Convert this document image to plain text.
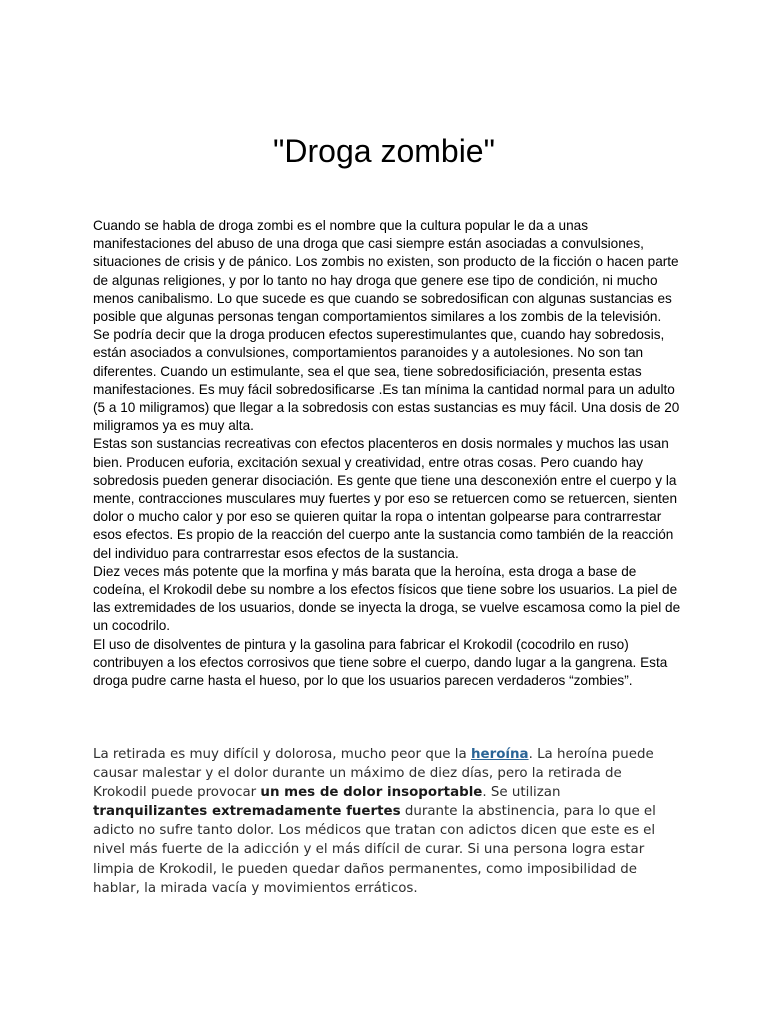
"Droga zombie"

Cuando se habla de droga zombi es el nombre que la cultura popular le da a unas manifestaciones del abuso de una droga que casi siempre están asociadas a convulsiones, situaciones de crisis y de pánico. Los zombis no existen, son producto de la ficción o hacen parte de algunas religiones, y por lo tanto no hay droga que genere ese tipo de condición, ni mucho menos canibalismo. Lo que sucede es que cuando se sobredosifican con algunas sustancias es posible que algunas personas tengan comportamientos similares a los zombis de la televisión.

Se podría decir que la droga producen efectos superestimulantes que, cuando hay sobredosis, están asociados a convulsiones, comportamientos paranoides y a autolesiones. No son tan diferentes. Cuando un estimulante, sea el que sea, tiene sobredosificiación, presenta estas manifestaciones. Es muy fácil sobredosificarse .Es tan mínima la cantidad normal para un adulto (5 a 10 miligramos) que llegar a la sobredosis con estas sustancias es muy fácil. Una dosis de 20 miligramos ya es muy alta.

Estas son sustancias recreativas con efectos placenteros en dosis normales y muchos las usan bien. Producen euforia, excitación sexual y creatividad, entre otras cosas. Pero cuando hay sobredosis pueden generar disociación. Es gente que tiene una desconexión entre el cuerpo y la mente, contracciones musculares muy fuertes y por eso se retuercen como se retuercen, sienten dolor o mucho calor y por eso se quieren quitar la ropa o intentan golpearse para contrarrestar esos efectos. Es propio de la reacción del cuerpo ante la sustancia como también de la reacción del individuo para contrarrestar esos efectos de la sustancia.

Diez veces más potente que la morfina y más barata que la heroína, esta droga a base de codeína, el Krokodil debe su nombre a los efectos físicos que tiene sobre los usuarios. La piel de las extremidades de los usuarios, donde se inyecta la droga, se vuelve escamosa como la piel de un cocodrilo.

El uso de disolventes de pintura y la gasolina para fabricar el Krokodil (cocodrilo en ruso) contribuyen a los efectos corrosivos que tiene sobre el cuerpo, dando lugar a la gangrena. Esta droga pudre carne hasta el hueso, por lo que los usuarios parecen verdaderos “zombies”.

La retirada es muy difícil y dolorosa, mucho peor que la heroína. La heroína puede causar malestar y el dolor durante un máximo de diez días, pero la retirada de Krokodil puede provocar un mes de dolor insoportable. Se utilizan tranquilizantes extremadamente fuertes durante la abstinencia, para lo que el adicto no sufre tanto dolor. Los médicos que tratan con adictos dicen que este es el nivel más fuerte de la adicción y el más difícil de curar. Si una persona logra estar limpia de Krokodil, le pueden quedar daños permanentes, como imposibilidad de hablar, la mirada vacía y movimientos erráticos.
